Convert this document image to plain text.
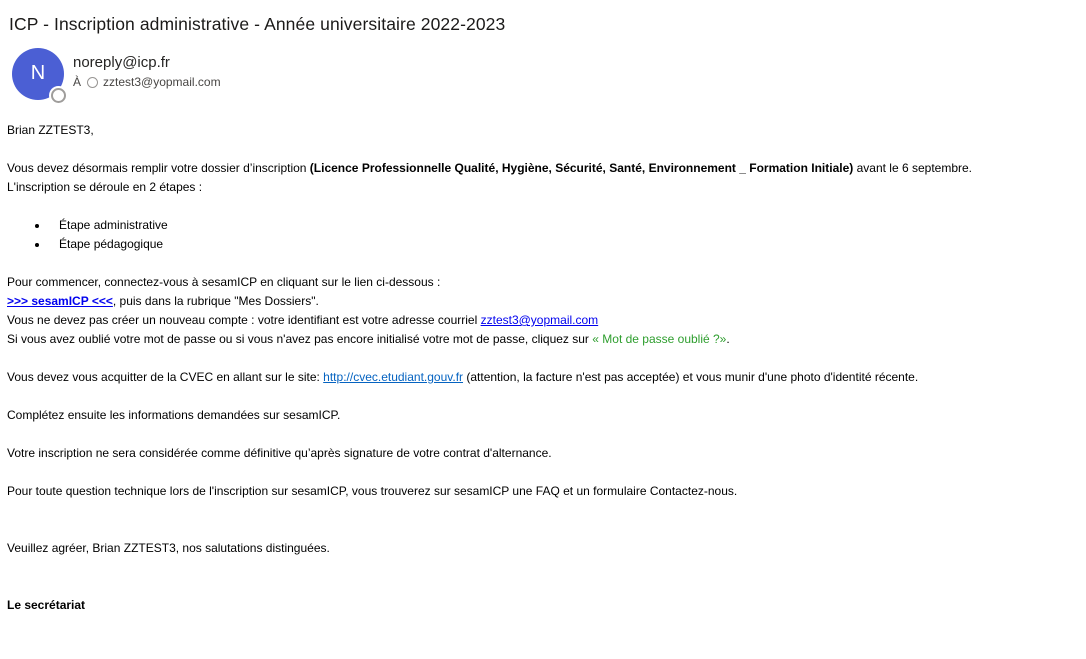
ICP - Inscription administrative - Année universitaire 2022-2023
N noreply@icp.fr
À zztest3@yopmail.com

Brian ZZTEST3,

Vous devez désormais remplir votre dossier d’inscription (Licence Professionnelle Qualité, Hygiène, Sécurité, Santé, Environnement _ Formation Initiale) avant le 6 septembre.
L'inscription se déroule en 2 étapes :

• Étape administrative
• Étape pédagogique

Pour commencer, connectez-vous à sesamICP en cliquant sur le lien ci-dessous :
>>> sesamICP <<<, puis dans la rubrique "Mes Dossiers".
Vous ne devez pas créer un nouveau compte : votre identifiant est votre adresse courriel zztest3@yopmail.com
Si vous avez oublié votre mot de passe ou si vous n'avez pas encore initialisé votre mot de passe, cliquez sur « Mot de passe oublié ?».

Vous devez vous acquitter de la CVEC en allant sur le site: http://cvec.etudiant.gouv.fr (attention, la facture n'est pas acceptée) et vous munir d'une photo d'identité récente.

Complétez ensuite les informations demandées sur sesamICP.

Votre inscription ne sera considérée comme définitive qu’après signature de votre contrat d'alternance.

Pour toute question technique lors de l'inscription sur sesamICP, vous trouverez sur sesamICP une FAQ et un formulaire Contactez-nous.

Veuillez agréer, Brian ZZTEST3, nos salutations distinguées.

Le secrétariat
